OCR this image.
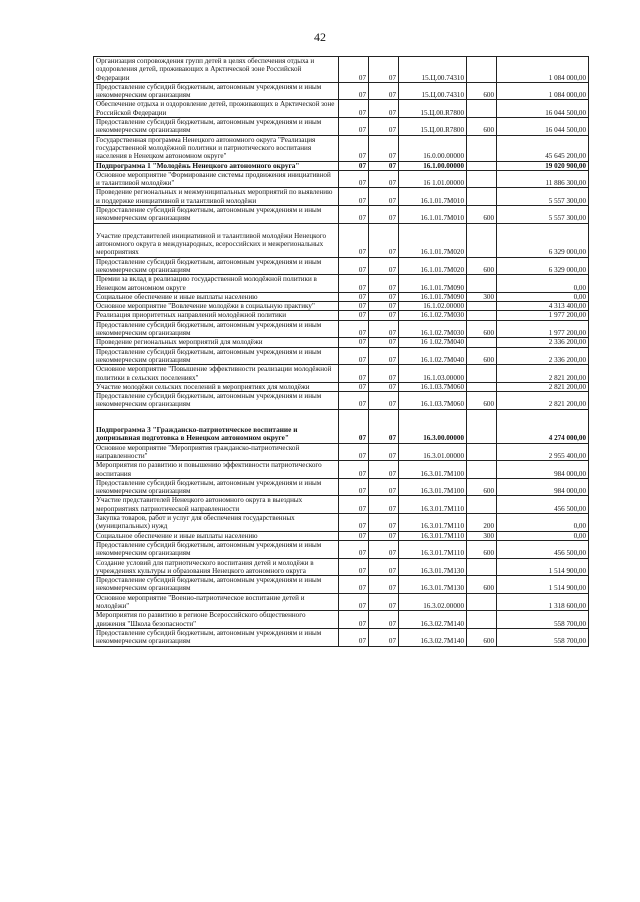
42
Организация сопровождения групп детей в целях обеспечения отдыха и оздоровления детей, проживающих в Арктической зоне Российской Федерации	07	07	15.Ц.00.74310		1 084 000,00
Предоставление субсидий бюджетным, автономным учреждениям и иным некоммерческим организациям	07	07	15.Ц.00.74310	600	1 084 000,00
Обеспечение отдыха и оздоровление детей, проживающих в Арктической зоне Российской Федерации	07	07	15.Ц.00.R7800		16 044 500,00
Предоставление субсидий бюджетным, автономным учреждениям и иным некоммерческим организациям	07	07	15.Ц.00.R7800	600	16 044 500,00
Государственная программа Ненецкого автономного округа "Реализация государственной молодёжной политики и патриотического воспитания населения в Ненецком автономном округе"	07	07	16.0.00.00000		45 645 200,00
Подпрограмма 1 "Молодёжь Ненецкого автономного округа"	07	07	16.1.00.00000		19 020 900,00
Основное мероприятие "Формирование системы продвижения инициативной и талантливой молодёжи"	07	07	16 1.01.00000		11 886 300,00
Проведение региональных и межмуниципальных мероприятий по выявлению и поддержке инициативной и талантливой молодёжи	07	07	16.1.01.7M010		5 557 300,00
Предоставление субсидий бюджетным, автономным учреждениям и иным некоммерческим организациям	07	07	16.1.01.7M010	600	5 557 300,00
Участие представителей инициативной и талантливой молодёжи Ненецкого автономного округа в международных, всероссийских и межрегиональных мероприятиях	07	07	16.1.01.7M020		6 329 000,00
Предоставление субсидий бюджетным, автономным учреждениям и иным некоммерческим организациям	07	07	16.1.01.7M020	600	6 329 000,00
Премии за вклад в реализацию государственной молодёжной политики в Ненецком автономном округе	07	07	16.1.01.7M090		0,00
Социальное обеспечение и иные выплаты населению	07	07	16.1.01.7M090	300	0,00
Основное мероприятие "Вовлечение молодёжи в социальную практику"	07	07	16.1.02.00000		4 313 400,00
Реализация приоритетных направлений молодёжной политики	07	07	16.1.02.7M030		1 977 200,00
Предоставление субсидий бюджетным, автономным учреждениям и иным некоммерческим организациям	07	07	16.1.02.7M030	600	1 977 200,00
Проведение региональных мероприятий для молодёжи	07	07	16 1.02.7M040		2 336 200,00
Предоставление субсидий бюджетным, автономным учреждениям и иным некоммерческим организациям	07	07	16.1.02.7M040	600	2 336 200,00
Основное мероприятие "Повышение эффективности реализации молодёжной политики в сельских поселениях"	07	07	16.1.03.00000		2 821 200,00
Участие молодёжи сельских поселений в мероприятиях для молодёжи	07	07	16.1.03.7M060		2 821 200,00
Предоставление субсидий бюджетным, автономным учреждениям и иным некоммерческим организациям	07	07	16.1.03.7M060	600	2 821 200,00
Подпрограмма 3 "Гражданско-патриотическое воспитание и допризывная подготовка в Ненецком автономном округе"	07	07	16.3.00.00000		4 274 000,00
Основное мероприятие "Мероприятия гражданско-патриотической направленности"	07	07	16.3.01.00000		2 955 400,00
Мероприятия по развитию и повышению эффективности патриотического воспитания	07	07	16.3.01.7M100		984 000,00
Предоставление субсидий бюджетным, автономным учреждениям и иным некоммерческим организациям	07	07	16.3.01.7M100	600	984 000,00
Участие представителей Ненецкого автономного округа в выездных мероприятиях патриотической направленности	07	07	16.3.01.7M110		456 500,00
Закупка товаров, работ и услуг для обеспечения государственных (муниципальных) нужд	07	07	16.3.01.7M110	200	0,00
Социальное обеспечение и иные выплаты населению	07	07	16.3.01.7M110	300	0,00
Предоставление субсидий бюджетным, автономным учреждениям и иным некоммерческим организациям	07	07	16.3.01.7M110	600	456 500,00
Создание условий для патриотического воспитания детей и молодёжи в учреждениях культуры и образования Ненецкого автономного округа	07	07	16.3.01.7M130		1 514 900,00
Предоставление субсидий бюджетным, автономным учреждениям и иным некоммерческим организациям	07	07	16.3.01.7M130	600	1 514 900,00
Основное мероприятие "Военно-патриотическое воспитание детей и молодёжи"	07	07	16.3.02.00000		1 318 600,00
Мероприятия по развитию в регионе Всероссийского общественного движения "Школа безопасности"	07	07	16.3.02.7M140		558 700,00
Предоставление субсидий бюджетным, автономным учреждениям и иным некоммерческим организациям	07	07	16.3.02.7M140	600	558 700,00
